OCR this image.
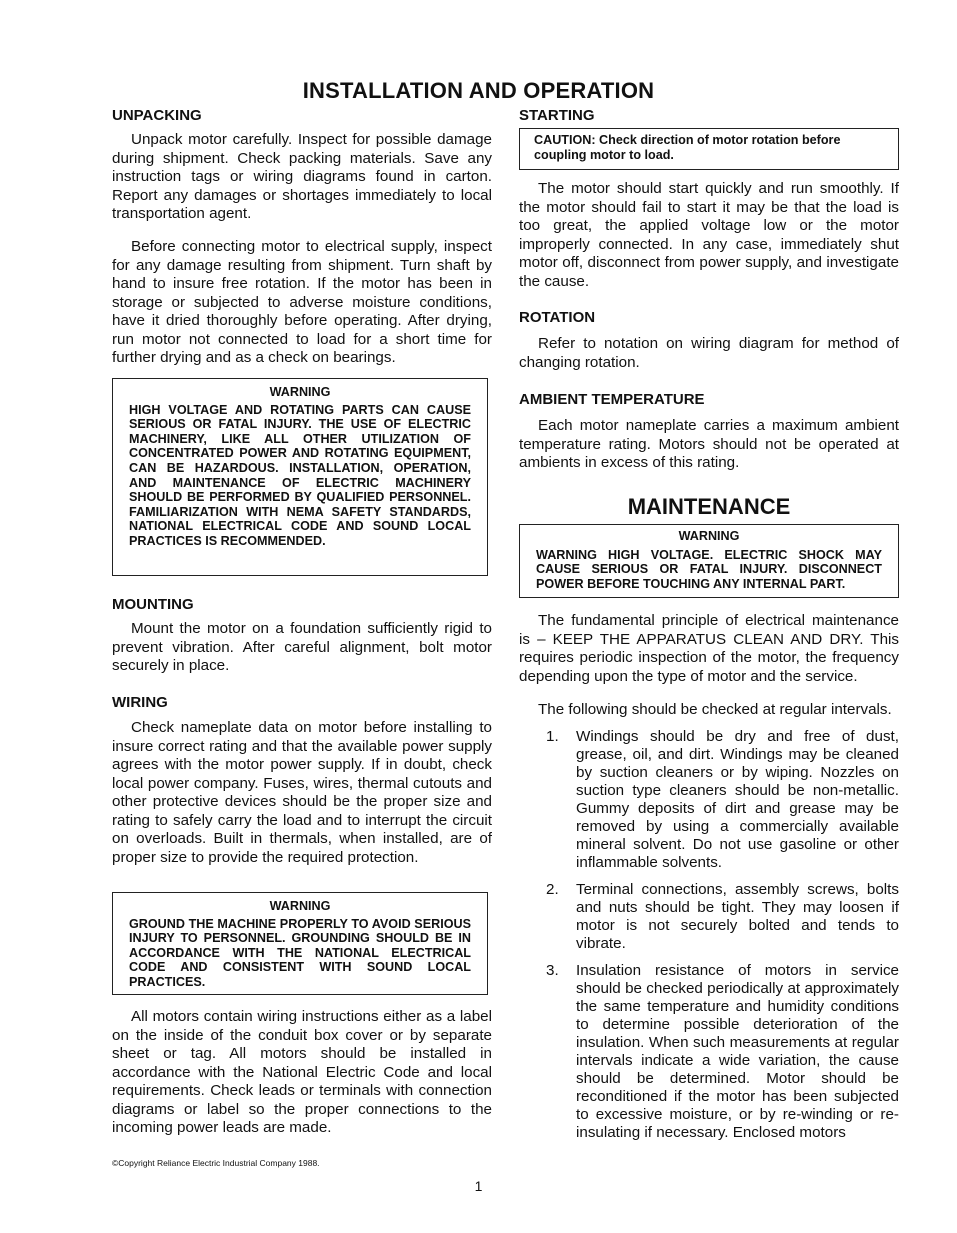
INSTALLATION AND OPERATION
UNPACKING

Unpack motor carefully. Inspect for possible damage during shipment. Check packing materials. Save any instruction tags or wiring diagrams found in carton. Report any damages or shortages immediately to local transportation agent.

Before connecting motor to electrical supply, inspect for any damage resulting from shipment. Turn shaft by hand to insure free rotation. If the motor has been in storage or subjected to adverse moisture conditions, have it dried thoroughly before operating. After drying, run motor not connected to load for a short time for further drying and as a check on bearings.

WARNING
HIGH VOLTAGE AND ROTATING PARTS CAN CAUSE SERIOUS OR FATAL INJURY. THE USE OF ELECTRIC MACHINERY, LIKE ALL OTHER UTILIZATION OF CONCENTRATED POWER AND ROTATING EQUIPMENT, CAN BE HAZARDOUS. INSTALLATION, OPERATION, AND MAINTENANCE OF ELECTRIC MACHINERY SHOULD BE PERFORMED BY QUALIFIED PERSONNEL. FAMILIARIZATION WITH NEMA SAFETY STANDARDS, NATIONAL ELECTRICAL CODE AND SOUND LOCAL PRACTICES IS RECOMMENDED.
MOUNTING

Mount the motor on a foundation sufficiently rigid to prevent vibration. After careful alignment, bolt motor securely in place.

WIRING

Check nameplate data on motor before installing to insure correct rating and that the available power supply agrees with the motor power supply. If in doubt, check local power company. Fuses, wires, thermal cutouts and other protective devices should be the proper size and rating to safely carry the load and to interrupt the circuit on overloads. Built in thermals, when installed, are of proper size to provide the required protection.

WARNING
GROUND THE MACHINE PROPERLY TO AVOID SERIOUS INJURY TO PERSONNEL. GROUNDING SHOULD BE IN ACCORDANCE WITH THE NATIONAL ELECTRICAL CODE AND CONSISTENT WITH SOUND LOCAL PRACTICES.

All motors contain wiring instructions either as a label on the inside of the conduit box cover or by separate sheet or tag. All motors should be installed in accordance with the National Electric Code and local requirements. Check leads or terminals with connection diagrams or label so the proper connections to the incoming power leads are made.

STARTING
CAUTION: Check direction of motor rotation before coupling motor to load.

The motor should start quickly and run smoothly. If the motor should fail to start it may be that the load is too great, the applied voltage low or the motor improperly connected. In any case, immediately shut motor off, disconnect from power supply, and investigate the cause.

ROTATION

Refer to notation on wiring diagram for method of changing rotation.

AMBIENT TEMPERATURE

Each motor nameplate carries a maximum ambient temperature rating. Motors should not be operated at ambients in excess of this rating.

MAINTENANCE
WARNING
WARNING HIGH VOLTAGE. ELECTRIC SHOCK MAY CAUSE SERIOUS OR FATAL INJURY. DISCONNECT POWER BEFORE TOUCHING ANY INTERNAL PART.

The fundamental principle of electrical maintenance is – KEEP THE APPARATUS CLEAN AND DRY. This requires periodic inspection of the motor, the frequency depending upon the type of motor and the service.

The following should be checked at regular intervals.

1. Windings should be dry and free of dust, grease, oil, and dirt. Windings may be cleaned by suction cleaners or by wiping. Nozzles on suction type cleaners should be non-metallic. Gummy deposits of dirt and grease may be removed by using a commercially available mineral solvent. Do not use gasoline or other inflammable solvents.
2. Terminal connections, assembly screws, bolts and nuts should be tight. They may loosen if motor is not securely bolted and tends to vibrate.
3. Insulation resistance of motors in service should be checked periodically at approximately the same temperature and humidity conditions to determine possible deterioration of the insulation. When such measurements at regular intervals indicate a wide variation, the cause should be determined. Motor should be reconditioned if the motor has been subjected to excessive moisture, or by re-winding or re-insulating if necessary. Enclosed motors
©Copyright Reliance Electric Industrial Company 1988.
1
